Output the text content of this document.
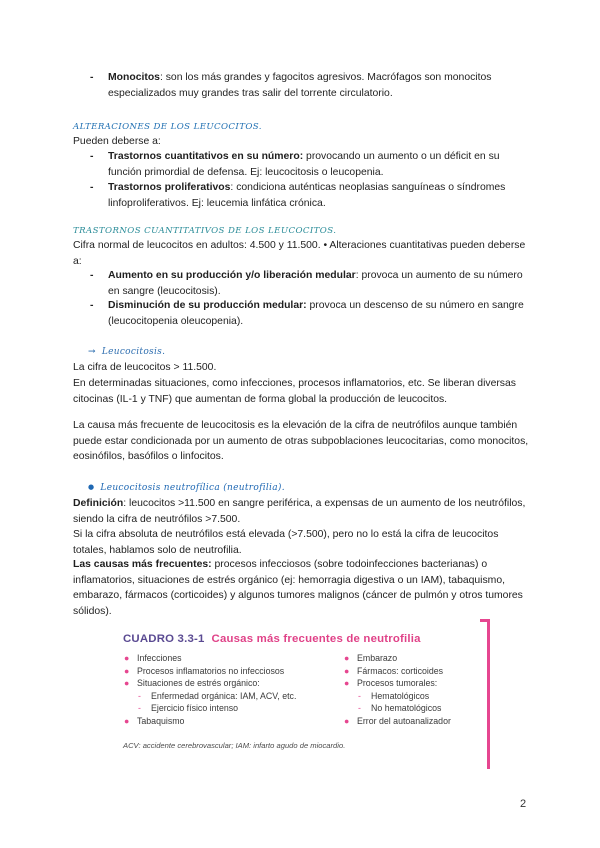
- Monocitos: son los más grandes y fagocitos agresivos. Macrófagos son monocitos especializados muy grandes tras salir del torrente circulatorio.
ALTERACIONES DE LOS LEUCOCITOS.

Pueden deberse a:

- Trastornos cuantitativos en su número: provocando un aumento o un déficit en su función primordial de defensa. Ej: leucocitosis o leucopenia.
- Trastornos proliferativos: condiciona auténticas neoplasias sanguíneas o síndromes linfoproliferativos. Ej: leucemia linfática crónica.
TRASTORNOS CUANTITATIVOS DE LOS LEUCOCITOS.

Cifra normal de leucocitos en adultos: 4.500 y 11.500. • Alteraciones cuantitativas pueden deberse a:

- Aumento en su producción y/o liberación medular: provoca un aumento de su número en sangre (leucocitosis).
- Disminución de su producción medular: provoca un descenso de su número en sangre (leucocitopenia oleucopenia).
→ Leucocitosis.

La cifra de leucocitos > 11.500.

En determinadas situaciones, como infecciones, procesos inflamatorios, etc. Se liberan diversas citocinas (IL-1 y TNF) que aumentan de forma global la producción de leucocitos.

La causa más frecuente de leucocitosis es la elevación de la cifra de neutrófilos aunque también puede estar condicionada por un aumento de otras subpoblaciones leucocitarias, como monocitos, eosinófilos, basófilos o linfocitos.

● Leucocitosis neutrofílica (neutrofilia).

Definición: leucocitos >11.500 en sangre periférica, a expensas de un aumento de los neutrófilos, siendo la cifra de neutrófilos >7.500.

Si la cifra absoluta de neutrófilos está elevada (>7.500), pero no lo está la cifra de leucocitos totales, hablamos solo de neutrofilia.

Las causas más frecuentes: procesos infecciosos (sobre todoinfecciones bacterianas) o inflamatorios, situaciones de estrés orgánico (ej: hemorragia digestiva o un IAM), tabaquismo, embarazo, fármacos (corticoides) y algunos tumores malignos (cáncer de pulmón y otros tumores sólidos).

CUADRO 3.3-1 Causas más frecuentes de neutrofilia
● Infecciones
● Procesos inflamatorios no infecciosos
● Situaciones de estrés orgánico:
- Enfermedad orgánica: IAM, ACV, etc.
- Ejercicio físico intenso
● Tabaquismo
● Embarazo
● Fármacos: corticoides
● Procesos tumorales:
- Hematológicos
- No hematológicos
● Error del autoanalizador
ACV: accidente cerebrovascular; IAM: infarto agudo de miocardio.
2
